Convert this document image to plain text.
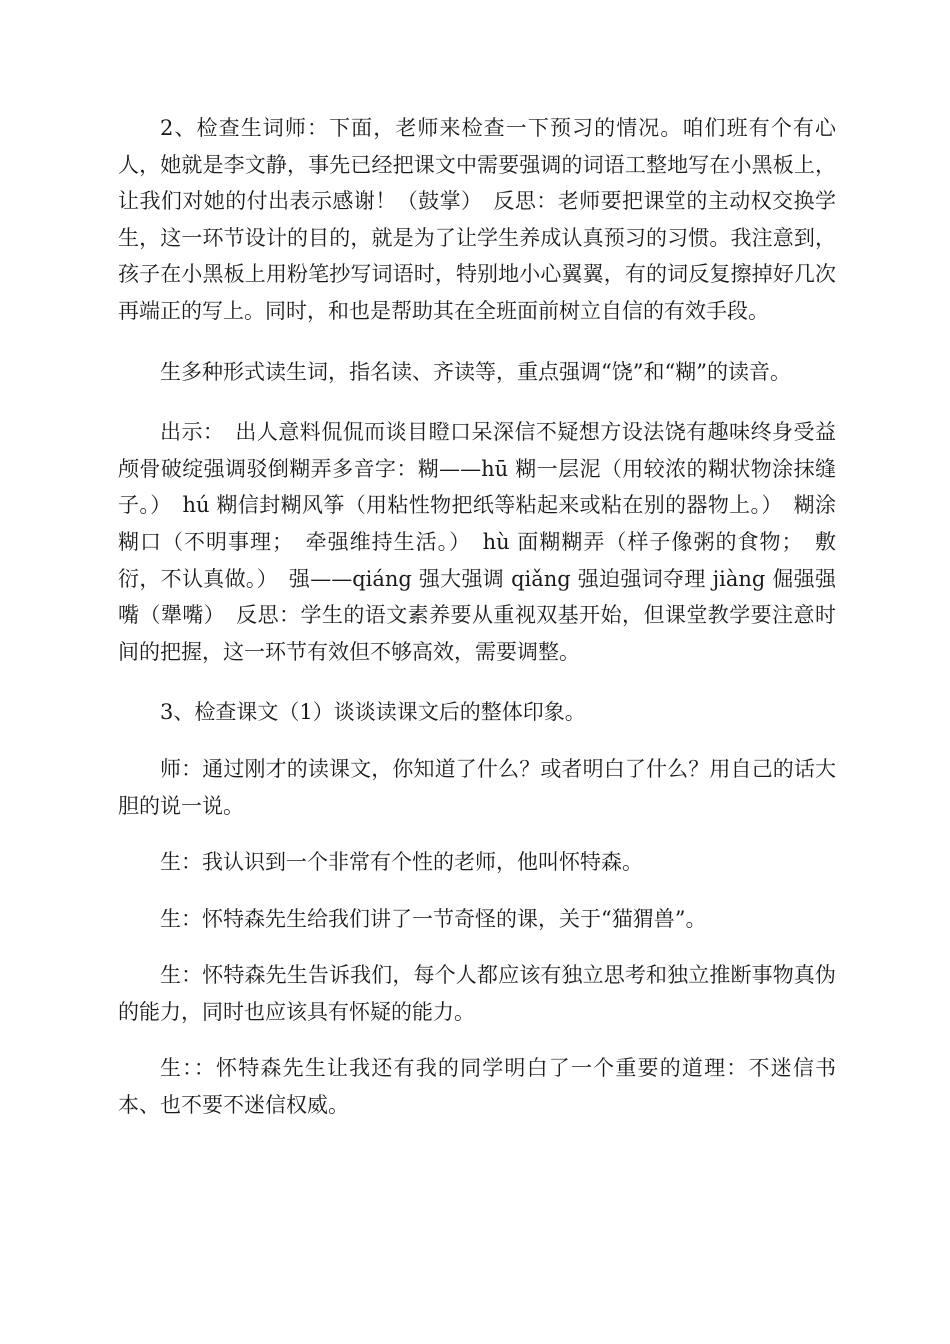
2、检查生词师：下面，老师来检查一下预习的情况。咱们班有个有心人，她就是李文静，事先已经把课文中需要强调的词语工整地写在小黑板上，让我们对她的付出表示感谢！（鼓掌）　反思：老师要把课堂的主动权交换学生，这一环节设计的目的，就是为了让学生养成认真预习的习惯。我注意到，孩子在小黑板上用粉笔抄写词语时，特别地小心翼翼，有的词反复擦掉好几次再端正的写上。同时，和也是帮助其在全班面前树立自信的有效手段。

生多种形式读生词，指名读、齐读等，重点强调“饶”和“糊”的读音。

出示：　出人意料侃侃而谈目瞪口呆深信不疑想方设法饶有趣味终身受益颅骨破绽强调驳倒糊弄多音字：糊——hū 糊一层泥（用较浓的糊状物涂抹缝子。）　hú 糊信封糊风筝（用粘性物把纸等粘起来或粘在别的器物上。）　糊涂糊口（不明事理；　牵强维持生活。）　hù 面糊糊弄（样子像粥的食物；　敷衍，不认真做。）　强——qiáng 强大强调 qiǎng 强迫强词夺理 jiàng 倔强强嘴（犟嘴）　反思：学生的语文素养要从重视双基开始，但课堂教学要注意时间的把握，这一环节有效但不够高效，需要调整。

3、检查课文（1）谈谈读课文后的整体印象。

师：通过刚才的读课文，你知道了什么？或者明白了什么？用自己的话大胆的说一说。

生：我认识到一个非常有个性的老师，他叫怀特森。

生：怀特森先生给我们讲了一节奇怪的课，关于“猫猬兽”。

生：怀特森先生告诉我们，每个人都应该有独立思考和独立推断事物真伪的能力，同时也应该具有怀疑的能力。

生：：怀特森先生让我还有我的同学明白了一个重要的道理：不迷信书本、也不要不迷信权威。
